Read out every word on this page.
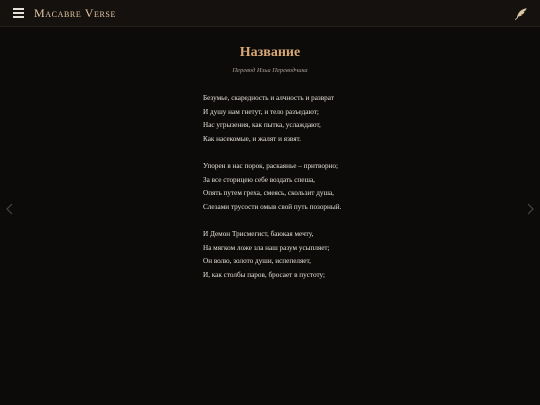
Macabre Verse
Название
Перевод Ильи Переводчика
Безумье, скаредность и алчность и разврат
И душу нам гнетут, и тело разъедают;
Нас угрызения, как пытка, услаждают,
Как насекомые, и жалят и язвят.
Упорен в нас порок, раскаянье – притворно;
За все сторицею себе воздать спеша,
Опять путем греха, смеясь, скользит душа,
Слезами трусости омыв свой путь позорный.
И Демон Трисмегист, баюкая мечту,
На мягком ложе зла наш разум усыпляет;
Он волю, золото души, испепеляет,
И, как столбы паров, бросает в пустоту;
